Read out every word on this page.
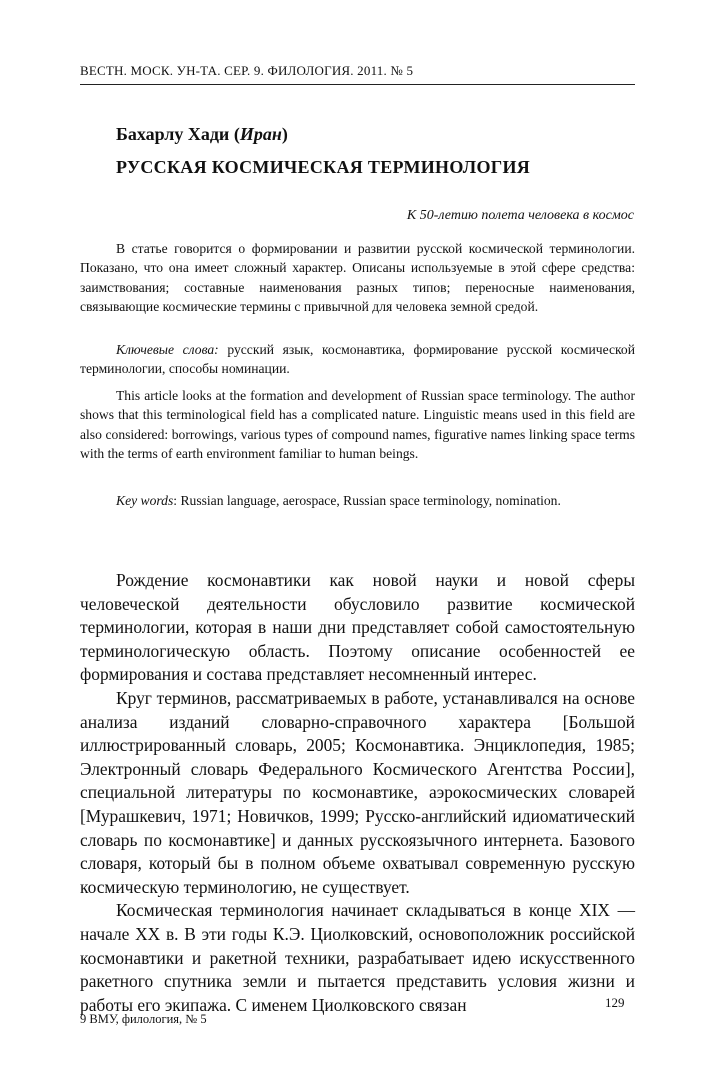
ВЕСТН. МОСК. УН-ТА. СЕР. 9. ФИЛОЛОГИЯ. 2011. № 5
Бахарлу Хади (Иран)
РУССКАЯ КОСМИЧЕСКАЯ ТЕРМИНОЛОГИЯ
К 50-летию полета человека в космос

В статье говорится о формировании и развитии русской космической терминологии. Показано, что она имеет сложный характер. Описаны используемые в этой сфере средства: заимствования; составные наименования разных типов; переносные наименования, связывающие космические термины с привычной для человека земной средой.

Ключевые слова: русский язык, космонавтика, формирование русской космической терминологии, способы номинации.

This article looks at the formation and development of Russian space terminology. The author shows that this terminological field has a complicated nature. Linguistic means used in this field are also considered: borrowings, various types of compound names, figurative names linking space terms with the terms of earth environment familiar to human beings.

Key words: Russian language, aerospace, Russian space terminology, nomination.

Рождение космонавтики как новой науки и новой сферы человеческой деятельности обусловило развитие космической терминологии, которая в наши дни представляет собой самостоятельную терминологическую область. Поэтому описание особенностей ее формирования и состава представляет несомненный интерес.

Круг терминов, рассматриваемых в работе, устанавливался на основе анализа изданий словарно-справочного характера [Большой иллюстрированный словарь, 2005; Космонавтика. Энциклопедия, 1985; Электронный словарь Федерального Космического Агентства России], специальной литературы по космонавтике, аэрокосмических словарей [Мурашкевич, 1971; Новичков, 1999; Русско-английский идиоматический словарь по космонавтике] и данных русскоязычного интернета. Базового словаря, который бы в полном объеме охватывал современную русскую космическую терминологию, не существует.

Космическая терминология начинает складываться в конце XIX — начале XX в. В эти годы К.Э. Циолковский, основоположник российской космонавтики и ракетной техники, разрабатывает идею искусственного ракетного спутника земли и пытается представить условия жизни и работы его экипажа. С именем Циолковского связан	129
9 ВМУ, филология, № 5
